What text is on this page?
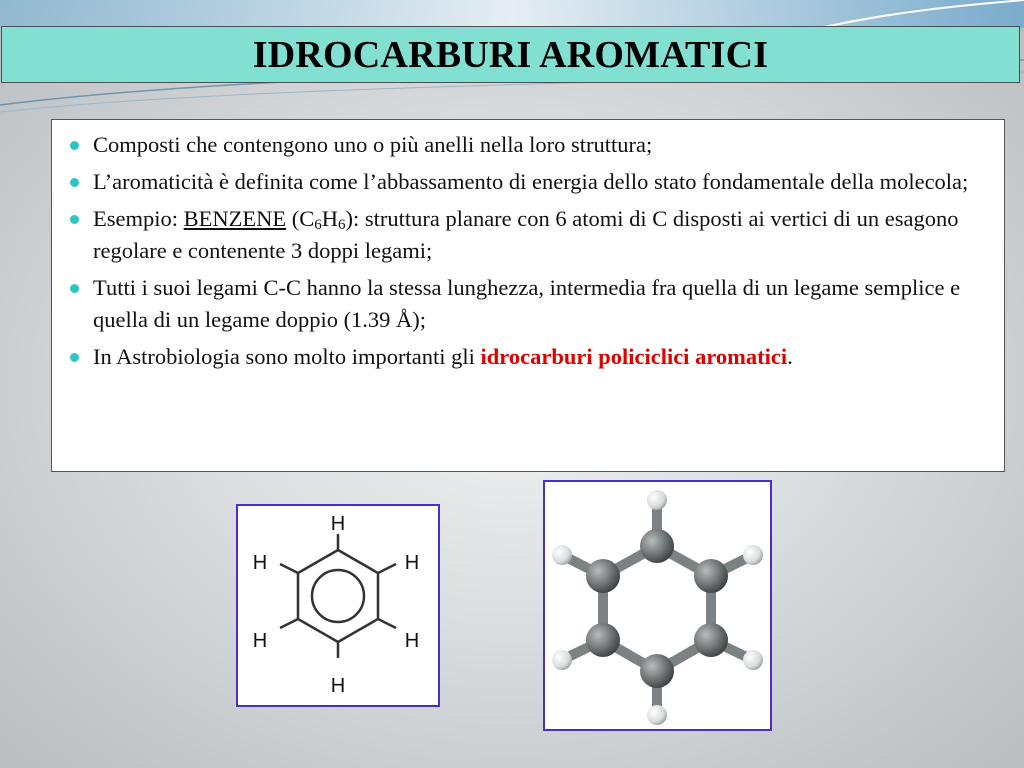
IDROCARBURI AROMATICI
Composti che contengono uno o più anelli nella loro struttura;
L’aromaticità è definita come l’abbassamento di energia dello stato fondamentale della molecola;
Esempio: BENZENE $(C_6H_6)$: struttura planare con 6 atomi di C disposti ai vertici di un esagono regolare e contenente 3 doppi legami;
Tutti i suoi legami C-C hanno la stessa lunghezza, intermedia fra quella di un legame semplice e quella di un legame doppio (1.39 Å);
In Astrobiologia sono molto importanti gli idrocarburi policiclici aromatici.
H
H
H
H
H
H
